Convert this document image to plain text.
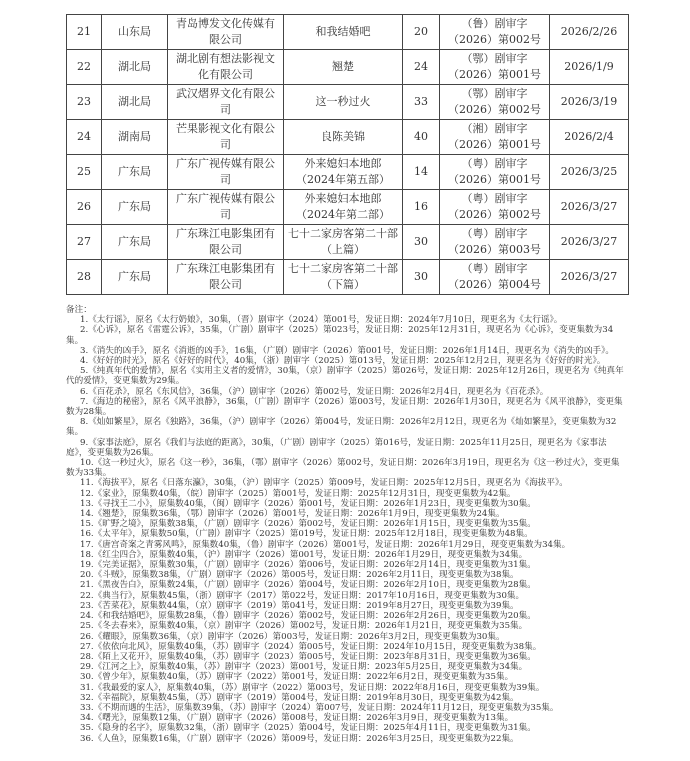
21	山东局	青岛博发文化传媒有限公司	和我结婚吧	20	（鲁）剧审字（2026）第002号	2026/2/26
22	湖北局	湖北剧有想法影视文化有限公司	翘楚	24	（鄂）剧审字（2026）第001号	2026/1/9
23	湖北局	武汉熠界文化有限公司	这一秒过火	33	（鄂）剧审字（2026）第002号	2026/3/19
24	湖南局	芒果影视文化有限公司	良陈美锦	40	（湘）剧审字（2026）第001号	2026/2/4
25	广东局	广东广视传媒有限公司	外来媳妇本地郎（2024年第五部）	14	（粤）剧审字（2026）第001号	2026/3/25
26	广东局	广东广视传媒有限公司	外来媳妇本地郎（2024年第二部）	16	（粤）剧审字（2026）第002号	2026/3/27
27	广东局	广东珠江电影集团有限公司	七十二家房客第二十部（上篇）	30	（粤）剧审字（2026）第003号	2026/3/27
28	广东局	广东珠江电影集团有限公司	七十二家房客第二十部（下篇）	30	（粤）剧审字（2026）第004号	2026/3/27

备注：

1.《太行谣》，原名《太行奶娘》，30集，（晋）剧审字（2024）第001号，发证日期：2024年7月10日，现更名为《太行谣》。

2.《心诉》，原名《雷霆公诉》，35集，（广剧）剧审字（2025）第023号，发证日期：2025年12月31日，现更名为《心诉》，变更集数为34集。

3.《消失的凶手》，原名《消逝的凶手》，16集，（广剧）剧审字（2026）第001号，发证日期：2026年1月14日，现更名为《消失的凶手》。

4.《好好的时光》，原名《好好的时代》，40集，（浙）剧审字（2025）第013号，发证日期：2025年12月2日，现更名为《好好的时光》。

5.《纯真年代的爱情》，原名《实用主义者的爱情》，30集，（京）剧审字（2025）第026号，发证日期：2025年12月26日，现更名为《纯真年代的爱情》，变更集数为29集。

6.《百花杀》，原名《东风信》，36集，（沪）剧审字（2026）第002号，发证日期：2026年2月4日，现更名为《百花杀》。

7.《海边的秘密》，原名《风平浪静》，36集，（广剧）剧审字（2026）第003号，发证日期：2026年1月30日，现更名为《风平浪静》，变更集数为28集。

8.《灿如繁星》，原名《独路》，36集，（沪）剧审字（2026）第004号，发证日期：2026年2月12日，现更名为《灿如繁星》，变更集数为32集。

9.《家事法庭》，原名《我们与法庭的距离》，30集，（广剧）剧审字（2025）第016号，发证日期：2025年11月25日，现更名为《家事法庭》，变更集数为26集。

10.《这一秒过火》，原名《这一秒》，36集，（鄂）剧审字（2026）第002号，发证日期：2026年3月19日，现更名为《这一秒过火》，变更集数为33集。

11.《海拔平》，原名《日落东瀛》，30集，（沪）剧审字（2025）第009号，发证日期：2025年12月5日，现更名为《海拔平》。

12.《家业》，原集数40集，（皖）剧审字（2025）第001号，发证日期：2025年12月31日，现变更集数为42集。

13.《寻找王二小》，原集数40集，（闽）剧审字（2026）第001号，发证日期：2026年1月23日，现变更集数为30集。

14.《翘楚》，原集数36集，（鄂）剧审字（2026）第001号，发证日期：2026年1月9日，现变更集数为24集。

15.《旷野之境》，原集数38集，（广剧）剧审字（2026）第002号，发证日期：2026年1月15日，现变更集数为35集。

16.《太平年》，原集数50集，（广剧）剧审字（2025）第019号，发证日期：2025年12月18日，现变更集数为48集。

17.《唐宫奇案之青雾风鸣》，原集数40集，（鲁）剧审字（2026）第001号，发证日期：2026年1月29日，现变更集数为34集。

18.《红尘四合》，原集数40集，（沪）剧审字（2026）第001号，发证日期：2026年1月29日，现变更集数为34集。

19.《完美证据》，原集数30集，（广剧）剧审字（2026）第006号，发证日期：2026年2月14日，现变更集数为31集。

20.《斗贼》，原集数38集，（广剧）剧审字（2026）第005号，发证日期：2026年2月11日，现变更集数为38集。

21.《黑夜告白》，原集数24集，（广剧）剧审字（2026）第004号，发证日期：2026年2月10日，现变更集数为28集。

22.《典当行》，原集数45集，（浙）剧审字（2017）第022号，发证日期：2017年10月16日，现变更集数为30集。

23.《苦菜花》，原集数44集，（京）剧审字（2019）第041号，发证日期：2019年8月27日，现变更集数为39集。

24.《和我结婚吧》，原集数28集，（鲁）剧审字（2026）第002号，发证日期：2026年2月26日，现变更集数为20集。

25.《冬去春来》，原集数40集，（京）剧审字（2026）第002号，发证日期：2026年1月21日，现变更集数为35集。

26.《耀眼》，原集数36集，（京）剧审字（2026）第003号，发证日期：2026年3月2日，现变更集数为30集。

27.《依依向北风》，原集数40集，（苏）剧审字（2024）第005号，发证日期：2024年10月15日，现变更集数为38集。

28.《陌上又花开》，原集数40集，（苏）剧审字（2023）第005号，发证日期：2023年8月31日，现变更集数为36集。

29.《江河之上》，原集数40集，（苏）剧审字（2023）第001号，发证日期：2023年5月25日，现变更集数为34集。

30.《曾少年》，原集数40集，（苏）剧审字（2022）第001号，发证日期：2022年6月2日，现变更集数为35集。

31.《我最爱的家人》，原集数40集，（苏）剧审字（2022）第003号，发证日期：2022年8月16日，现变更集数为39集。

32.《幸福院》，原集数45集，（苏）剧审字（2019）第004号，发证日期：2019年8月30日，现变更集数为42集。

33.《不期而遇的生活》，原集数39集，（苏）剧审字（2024）第007号，发证日期：2024年11月12日，现变更集数为35集。

34.《曙光》，原集数12集，（广剧）剧审字（2026）第008号，发证日期：2026年3月9日，现变更集数为13集。

35.《隐身的名字》，原集数32集，（浙）剧审字（2025）第004号，发证日期：2025年4月11日，现变更集数为31集。

36.《人鱼》，原集数16集，（广剧）剧审字（2026）第009号，发证日期：2026年3月25日，现变更集数为22集。
